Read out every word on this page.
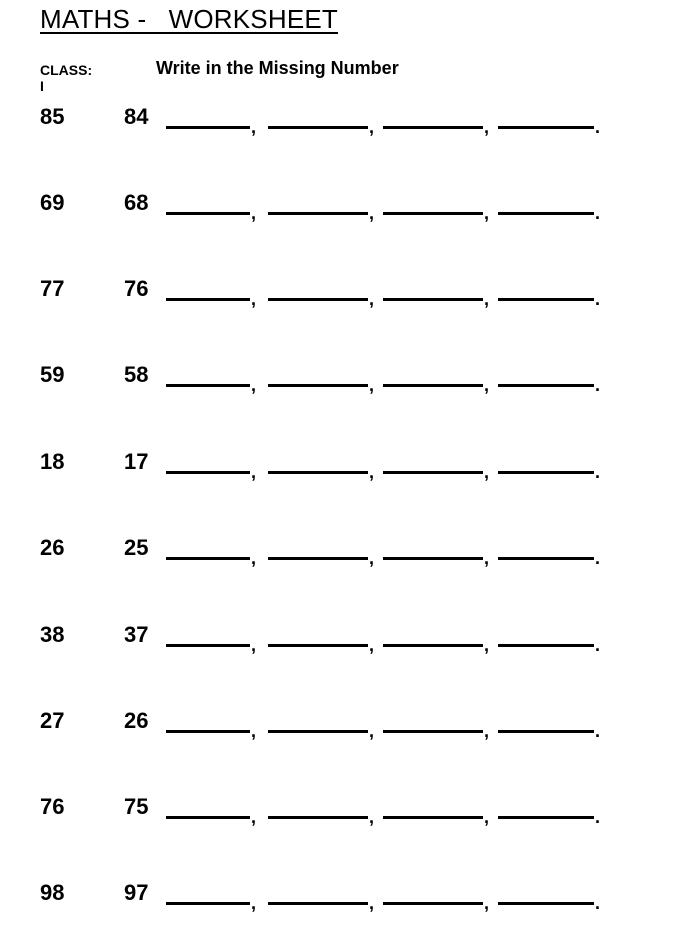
MATHS -   WORKSHEET
CLASS: I
Write in the Missing Number
85	84	,	,	,	.
69	68	,	,	,	.
77	76	,	,	,	.
59	58	,	,	,	.
18	17	,	,	,	.
26	25	,	,	,	.
38	37	,	,	,	.
27	26	,	,	,	.
76	75	,	,	,	.
98	97	,	,	,	.
